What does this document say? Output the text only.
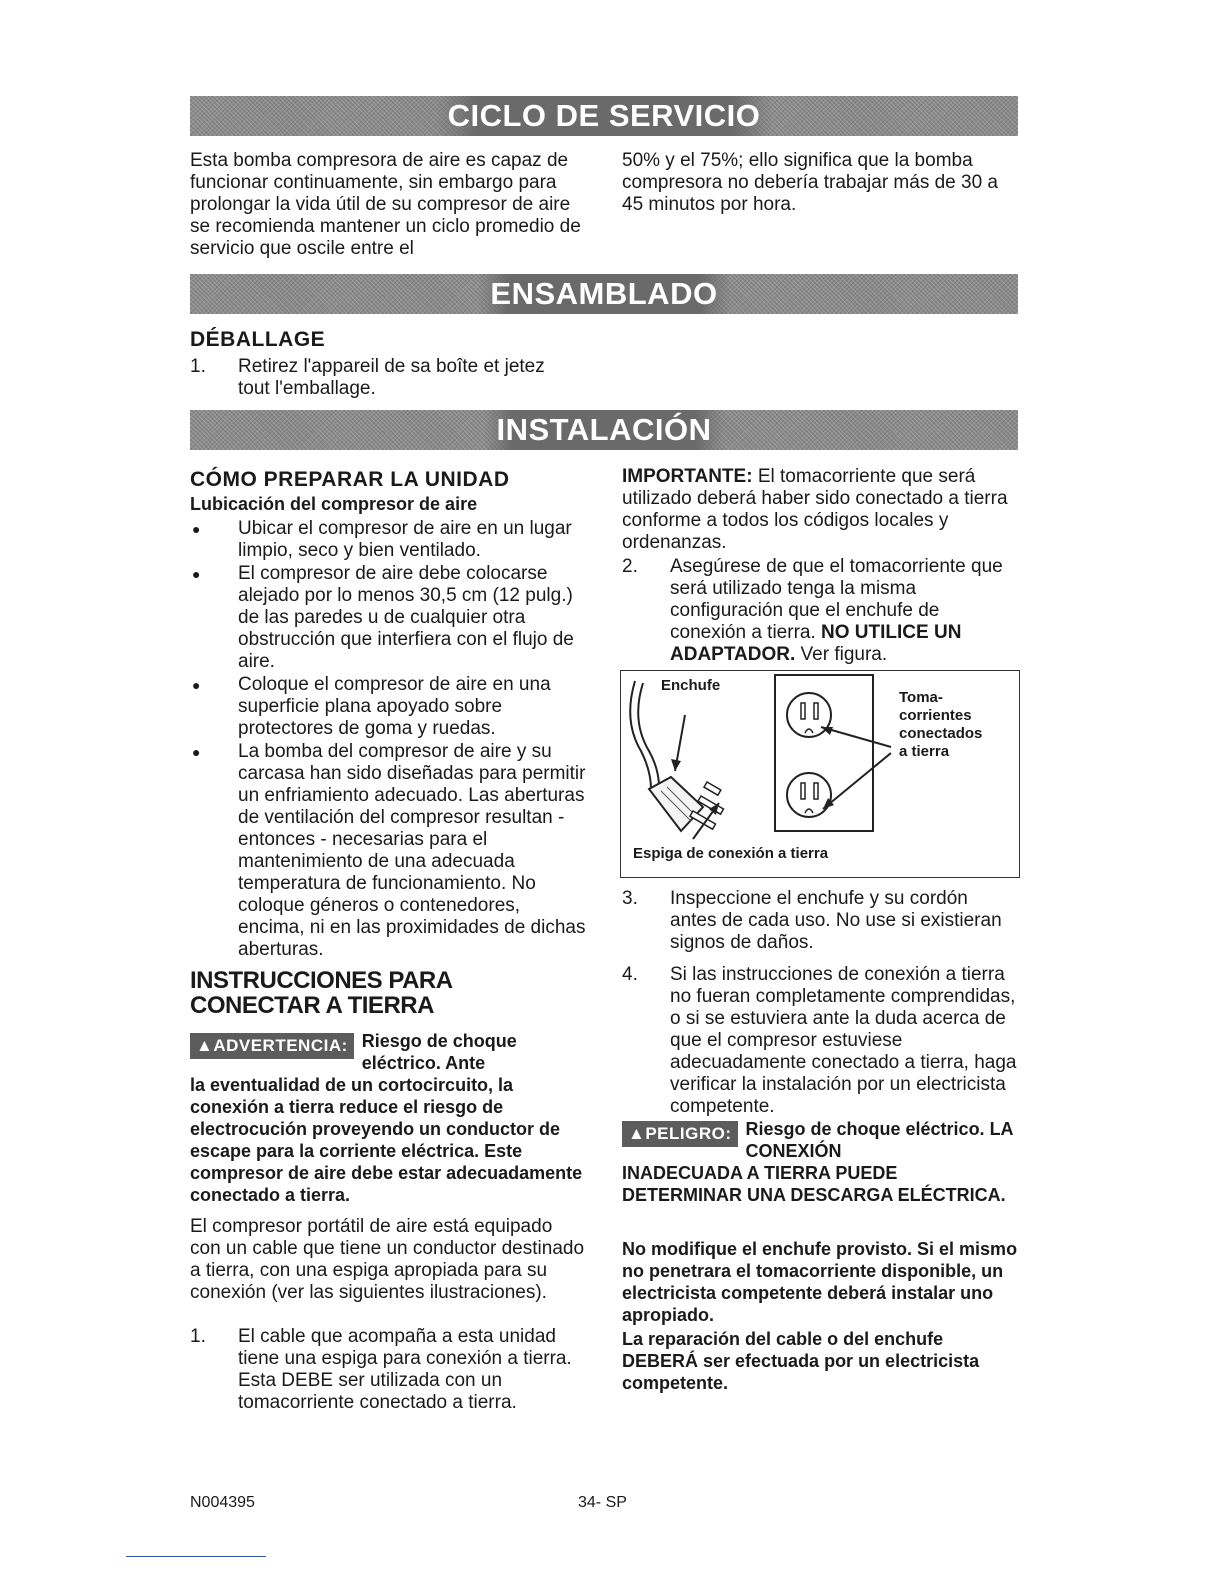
CICLO DE SERVICIO

Esta bomba compresora de aire es capaz de funcionar continuamente, sin embargo para prolongar la vida útil de su compresor de aire se recomienda mantener un ciclo promedio de servicio que oscile entre el

50% y el 75%; ello significa que la bomba compresora no debería trabajar más de 30 a 45 minutos por hora.

ENSAMBLADO

DÉBALLAGE

1.	Retirez l'appareil de sa boîte et jetez tout l'emballage.
INSTALACIÓN

CÓMO PREPARAR LA UNIDAD

Lubicación del compresor de aire

●	Ubicar el compresor de aire en un lugar limpio, seco y bien ventilado.
●	El compresor de aire debe colocarse alejado por lo menos 30,5 cm (12 pulg.) de las paredes u de cualquier otra obstrucción que interfiera con el flujo de aire.
●	Coloque el compresor de aire en una superficie plana apoyado sobre protectores de goma y ruedas.
●	La bomba del compresor de aire y su carcasa han sido diseñadas para permitir un enfriamiento adecuado. Las aberturas de ventilación del compresor resultan - entonces - necesarias para el mantenimiento de una adecuada temperatura de funcionamiento. No coloque géneros o contenedores, encima, ni en las proximidades de dichas aberturas.

INSTRUCCIONES PARA

CONECTAR A TIERRA

▲ADVERTENCIA: Riesgo de choque eléctrico. Ante
la eventualidad de un cortocircuito, la conexión a tierra reduce el riesgo de electrocución proveyendo un conductor de escape para la corriente eléctrica. Este compresor de aire debe estar adecuadamente conectado a tierra.

El compresor portátil de aire está equipado con un cable que tiene un conductor destinado a tierra, con una espiga apropiada para su conexión (ver las siguientes ilustraciones).

1.	El cable que acompaña a esta unidad tiene una espiga para conexión a tierra. Esta DEBE ser utilizada con un tomacorriente conectado a tierra.

IMPORTANTE: El tomacorriente que será utilizado deberá haber sido conectado a tierra conforme a todos los códigos locales y ordenanzas.

2.	Asegúrese de que el tomacorriente que será utilizado tenga la misma configuración que el enchufe de conexión a tierra. NO UTILICE UN ADAPTADOR. Ver figura.
Enchufe
Toma-
corrientes
conectados
a tierra
Espiga de conexión a tierra
3.	Inspeccione el enchufe y su cordón antes de cada uso. No use si existieran signos de daños.
4.	Si las instrucciones de conexión a tierra no fueran completamente comprendidas, o si se estuviera ante la duda acerca de que el compresor estuviese adecuadamente conectado a tierra, haga verificar la instalación por un electricista competente.
▲PELIGRO: Riesgo de choque eléctrico. LA CONEXIÓN
INADECUADA A TIERRA PUEDE DETERMINAR UNA DESCARGA ELÉCTRICA.
No modifique el enchufe provisto. Si el mismo no penetrara el tomacorriente disponible, un electricista competente deberá instalar uno apropiado.
La reparación del cable o del enchufe DEBERÁ ser efectuada por un electricista competente.
N004395	34- SP
